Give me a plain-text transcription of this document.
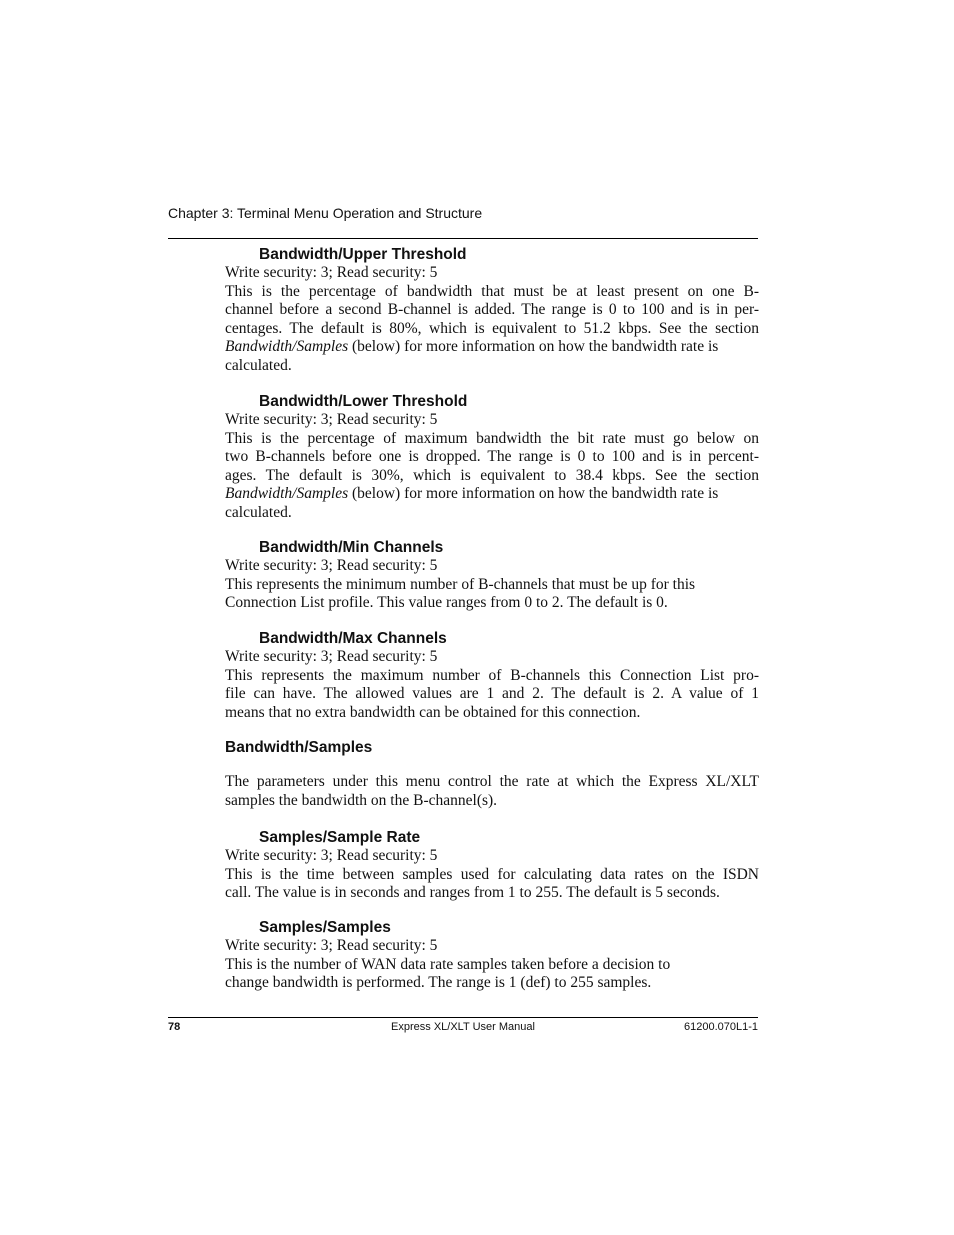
Chapter 3: Terminal Menu Operation and Structure
Bandwidth/Upper Threshold
Write security: 3; Read security: 5
This is the percentage of bandwidth that must be at least present on one B-
channel before a second B-channel is added. The range is 0 to 100 and is in per-
centages. The default is 80%, which is equivalent to 51.2 kbps. See the section
Bandwidth/Samples (below) for more information on how the bandwidth rate is
calculated.
Bandwidth/Lower Threshold
Write security: 3; Read security: 5
This is the percentage of maximum bandwidth the bit rate must go below on
two B-channels before one is dropped. The range is 0 to 100 and is in percent-
ages. The default is 30%, which is equivalent to 38.4 kbps. See the section
Bandwidth/Samples (below) for more information on how the bandwidth rate is
calculated.
Bandwidth/Min Channels
Write security: 3; Read security: 5
This represents the minimum number of B-channels that must be up for this
Connection List profile. This value ranges from 0 to 2. The default is 0.
Bandwidth/Max Channels
Write security: 3; Read security: 5
This represents the maximum number of B-channels this Connection List pro-
file can have. The allowed values are 1 and 2. The default is 2. A value of 1
means that no extra bandwidth can be obtained for this connection.
Bandwidth/Samples
The parameters under this menu control the rate at which the Express XL/XLT
samples the bandwidth on the B-channel(s).
Samples/Sample Rate
Write security: 3; Read security: 5
This is the time between samples used for calculating data rates on the ISDN
call. The value is in seconds and ranges from 1 to 255. The default is 5 seconds.
Samples/Samples
Write security: 3; Read security: 5
This is the number of WAN data rate samples taken before a decision to
change bandwidth is performed. The range is 1 (def) to 255 samples.
Express XL/XLT User Manual
78	61200.070L1-1
